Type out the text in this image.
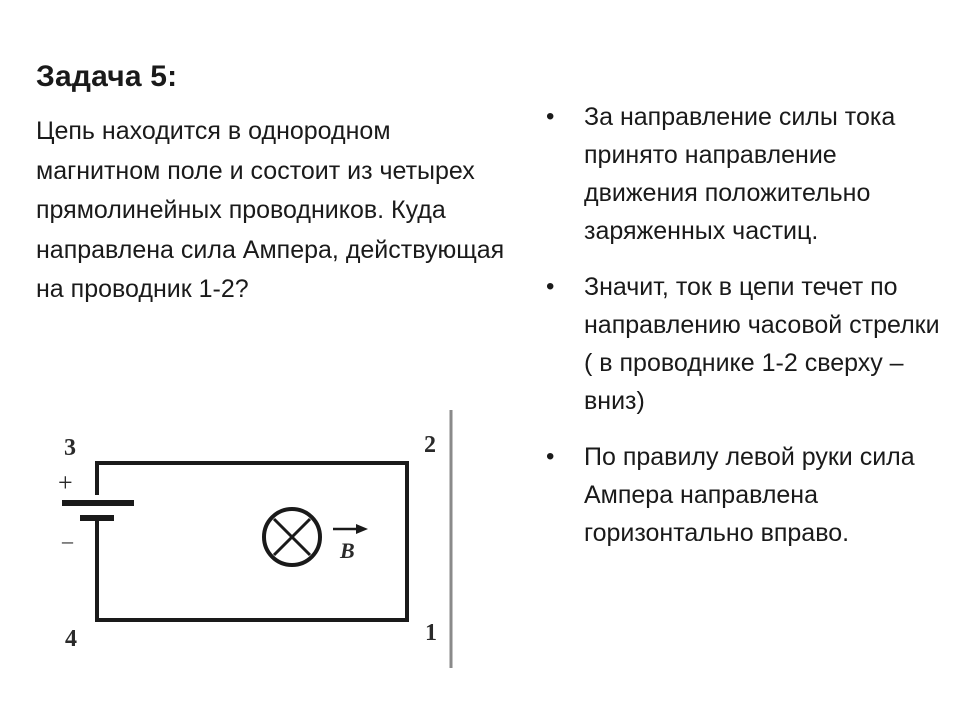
Задача 5:
Цепь находится в однородном магнитном поле и состоит из четырех прямолинейных проводников. Куда направлена сила Ампера, действующая на проводник 1-2?
• За направление силы тока принято направление движения положительно заряженных частиц.
• Значит, ток в цепи течет по направлению часовой стрелки ( в проводнике 1-2 сверху – вниз)
• По правилу левой руки сила Ампера направлена горизонтально вправо.
B
3	2
4	1
+
–
